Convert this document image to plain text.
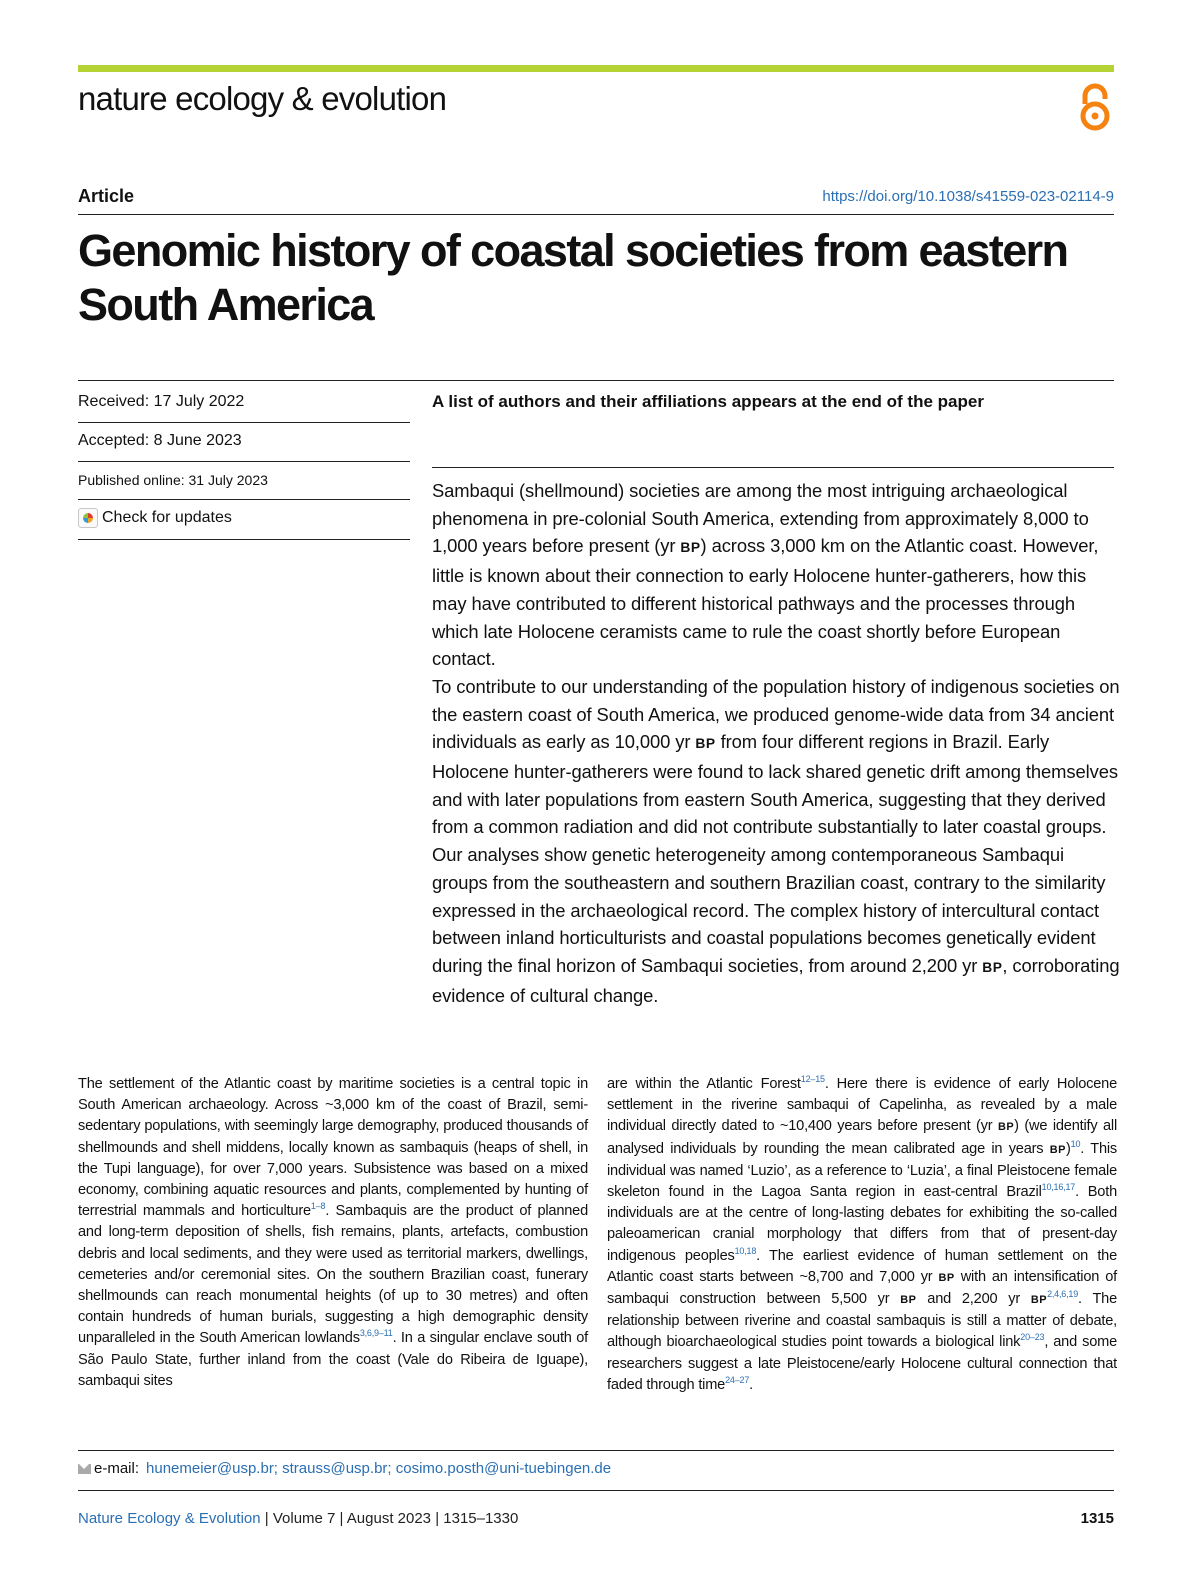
nature ecology & evolution
Article	https://doi.org/10.1038/s41559-023-02114-9
Genomic history of coastal societies from eastern South America
Received: 17 July 2022
Accepted: 8 June 2023
Published online: 31 July 2023
Check for updates
A list of authors and their affiliations appears at the end of the paper

Sambaqui (shellmound) societies are among the most intriguing archaeological phenomena in pre-colonial South America, extending from approximately 8,000 to 1,000 years before present (yr BP) across 3,000 km on the Atlantic coast. However, little is known about their connection to early Holocene hunter-gatherers, how this may have contributed to different historical pathways and the processes through which late Holocene ceramists came to rule the coast shortly before European contact.
To contribute to our understanding of the population history of indigenous societies on the eastern coast of South America, we produced genome-wide data from 34 ancient individuals as early as 10,000 yr BP from four different regions in Brazil. Early Holocene hunter-gatherers were found to lack shared genetic drift among themselves and with later populations from eastern South America, suggesting that they derived from a common radiation and did not contribute substantially to later coastal groups. Our analyses show genetic heterogeneity among contemporaneous Sambaqui groups from the southeastern and southern Brazilian coast, contrary to the similarity expressed in the archaeological record. The complex history of intercultural contact between inland horticulturists and coastal populations becomes genetically evident during the final horizon of Sambaqui societies, from around 2,200 yr BP, corroborating evidence of cultural change.

The settlement of the Atlantic coast by maritime societies is a central topic in South American archaeology. Across ~3,000 km of the coast of Brazil, semi-sedentary populations, with seemingly large demography, produced thousands of shellmounds and shell middens, locally known as sambaquis (heaps of shell, in the Tupi language), for over 7,000 years. Subsistence was based on a mixed economy, combining aquatic resources and plants, complemented by hunting of terrestrial mammals and horticulture$^{1-8}$. Sambaquis are the product of planned and long-term deposition of shells, fish remains, plants, artefacts, combustion debris and local sediments, and they were used as territorial markers, dwellings, cemeteries and/or ceremonial sites. On the southern Brazilian coast, funerary shellmounds can reach monumental heights (of up to 30 metres) and often contain hundreds of human burials, suggesting a high demographic density unparalleled in the South American lowlands$^{3,6,9-11}$. In a singular enclave south of São Paulo State, further inland from the coast (Vale do Ribeira de Iguape), sambaqui sites

are within the Atlantic Forest$^{12-15}$. Here there is evidence of early Holocene settlement in the riverine sambaqui of Capelinha, as revealed by a male individual directly dated to ~10,400 years before present (yr BP) (we identify all analysed individuals by rounding the mean calibrated age in years BP)$^{10}$. This individual was named ‘Luzio’, as a reference to ‘Luzia’, a final Pleistocene female skeleton found in the Lagoa Santa region in east-central Brazil$^{10,16,17}$. Both individuals are at the centre of long-lasting debates for exhibiting the so-called paleoamerican cranial morphology that differs from that of present-day indigenous peoples$^{10,18}$. The earliest evidence of human settlement on the Atlantic coast starts between ~8,700 and 7,000 yr BP with an intensification of sambaqui construction between 5,500 yr BP and 2,200 yr BP$^{2,4,6,19}$. The relationship between riverine and coastal sambaquis is still a matter of debate, although bioarchaeological studies point towards a biological link$^{20-23}$, and some researchers suggest a late Pleistocene/early Holocene cultural connection that faded through time$^{24-27}$.

e-mail: hunemeier@usp.br; strauss@usp.br; cosimo.posth@uni-tuebingen.de
Nature Ecology & Evolution | Volume 7 | August 2023 | 1315–1330	1315
